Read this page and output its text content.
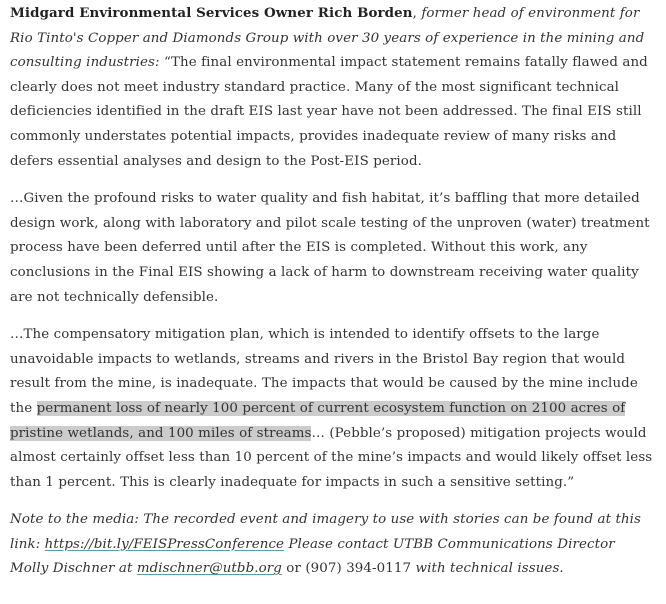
Midgard Environmental Services Owner Rich Borden, former head of environment for Rio Tinto's Copper and Diamonds Group with over 30 years of experience in the mining and consulting industries: “The final environmental impact statement remains fatally flawed and clearly does not meet industry standard practice. Many of the most significant technical deficiencies identified in the draft EIS last year have not been addressed. The final EIS still commonly understates potential impacts, provides inadequate review of many risks and defers essential analyses and design to the Post-EIS period.

…Given the profound risks to water quality and fish habitat, it’s baffling that more detailed design work, along with laboratory and pilot scale testing of the unproven (water) treatment process have been deferred until after the EIS is completed. Without this work, any conclusions in the Final EIS showing a lack of harm to downstream receiving water quality are not technically defensible.

…The compensatory mitigation plan, which is intended to identify offsets to the large unavoidable impacts to wetlands, streams and rivers in the Bristol Bay region that would result from the mine, is inadequate. The impacts that would be caused by the mine include the permanent loss of nearly 100 percent of current ecosystem function on 2100 acres of pristine wetlands, and 100 miles of streams… (Pebble’s proposed) mitigation projects would almost certainly offset less than 10 percent of the mine’s impacts and would likely offset less than 1 percent. This is clearly inadequate for impacts in such a sensitive setting.”

Note to the media: The recorded event and imagery to use with stories can be found at this link: https://bit.ly/FEISPressConference Please contact UTBB Communications Director Molly Dischner at mdischner@utbb.org or (907) 394-0117 with technical issues.
